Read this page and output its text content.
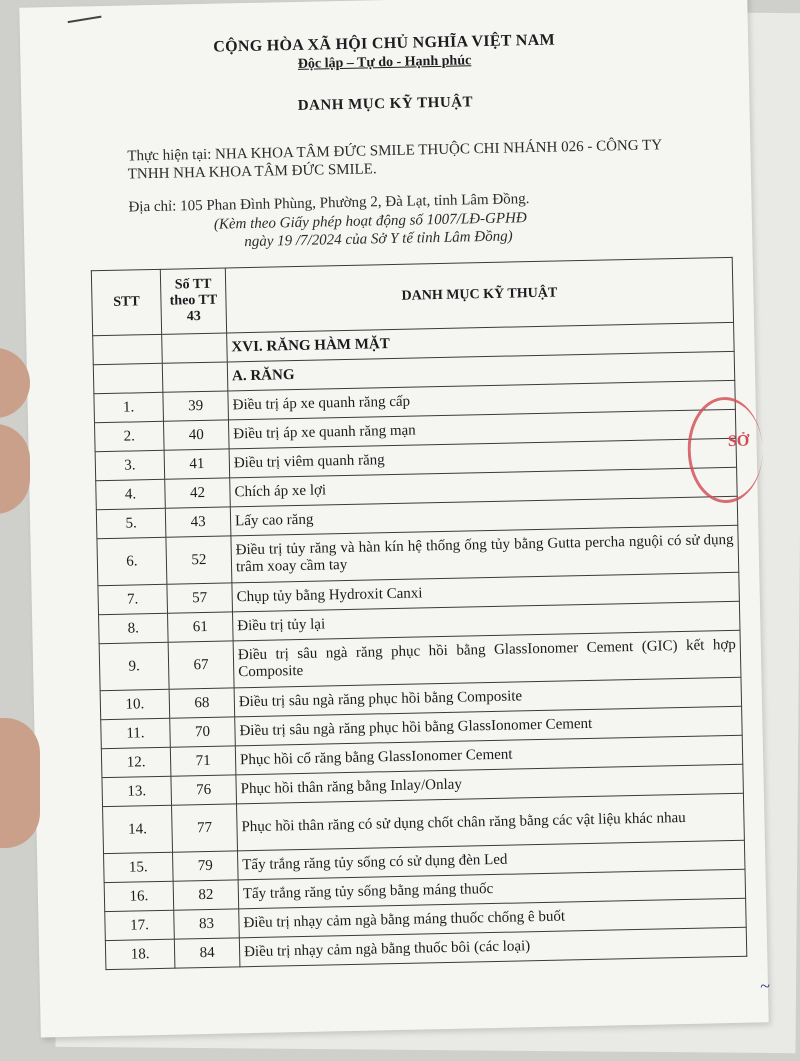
CỘNG HÒA XÃ HỘI CHỦ NGHĨA VIỆT NAM
Độc lập – Tự do - Hạnh phúc
DANH MỤC KỸ THUẬT
Thực hiện tại: NHA KHOA TÂM ĐỨC SMILE THUỘC CHI NHÁNH 026 - CÔNG TY TNHH NHA KHOA TÂM ĐỨC SMILE.
Địa chỉ: 105 Phan Đình Phùng, Phường 2, Đà Lạt, tỉnh Lâm Đồng.
(Kèm theo Giấy phép hoạt động số 1007/LĐ-GPHĐ
ngày 19 /7/2024 của Sở Y tế tỉnh Lâm Đồng)
STT	Số TT theo TT 43	DANH MỤC KỸ THUẬT
		XVI. RĂNG HÀM MẶT
		A. RĂNG
1.	39	Điều trị áp xe quanh răng cấp
2.	40	Điều trị áp xe quanh răng mạn
3.	41	Điều trị viêm quanh răng
4.	42	Chích áp xe lợi
5.	43	Lấy cao răng
6.	52	Điều trị tủy răng và hàn kín hệ thống ống tủy bằng Gutta percha nguội có sử dụng trâm xoay cầm tay
7.	57	Chụp tủy bằng Hydroxit Canxi
8.	61	Điều trị tủy lại
9.	67	Điều trị sâu ngà răng phục hồi bằng GlassIonomer Cement (GIC) kết hợp Composite
10.	68	Điều trị sâu ngà răng phục hồi bằng Composite
11.	70	Điều trị sâu ngà răng phục hồi bằng GlassIonomer Cement
12.	71	Phục hồi cổ răng bằng GlassIonomer Cement
13.	76	Phục hồi thân răng bằng Inlay/Onlay
14.	77	Phục hồi thân răng có sử dụng chốt chân răng bằng các vật liệu khác nhau
15.	79	Tẩy trắng răng tủy sống có sử dụng đèn Led
16.	82	Tẩy trắng răng tủy sống bằng máng thuốc
17.	83	Điều trị nhạy cảm ngà bằng máng thuốc chống ê buốt
18.	84	Điều trị nhạy cảm ngà bằng thuốc bôi (các loại)
SỞ
~
